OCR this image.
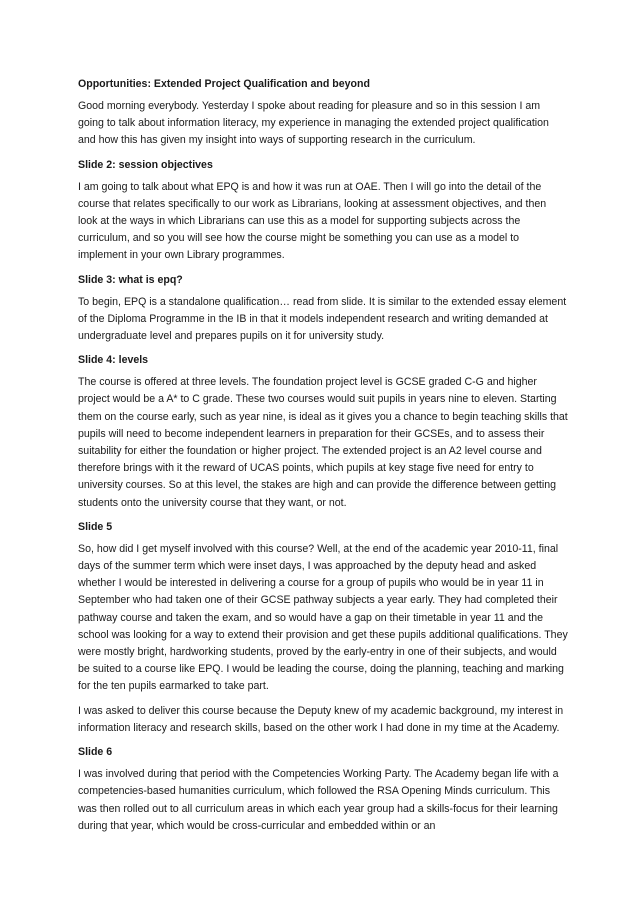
Opportunities: Extended Project Qualification and beyond

Good morning everybody. Yesterday I spoke about reading for pleasure and so in this session I am going to talk about information literacy, my experience in managing the extended project qualification and how this has given my insight into ways of supporting research in the curriculum.

Slide 2: session objectives

I am going to talk about what EPQ is and how it was run at OAE. Then I will go into the detail of the course that relates specifically to our work as Librarians, looking at assessment objectives, and then look at the ways in which Librarians can use this as a model for supporting subjects across the curriculum, and so you will see how the course might be something you can use as a model to implement in your own Library programmes.

Slide 3: what is epq?

To begin, EPQ is a standalone qualification… read from slide. It is similar to the extended essay element of the Diploma Programme in the IB in that it models independent research and writing demanded at undergraduate level and prepares pupils on it for university study.

Slide 4: levels

The course is offered at three levels. The foundation project level is GCSE graded C-G and higher project would be a A* to C grade. These two courses would suit pupils in years nine to eleven. Starting them on the course early, such as year nine, is ideal as it gives you a chance to begin teaching skills that pupils will need to become independent learners in preparation for their GCSEs, and to assess their suitability for either the foundation or higher project. The extended project is an A2 level course and therefore brings with it the reward of UCAS points, which pupils at key stage five need for entry to university courses. So at this level, the stakes are high and can provide the difference between getting students onto the university course that they want, or not.

Slide 5

So, how did I get myself involved with this course? Well, at the end of the academic year 2010-11, final days of the summer term which were inset days, I was approached by the deputy head and asked whether I would be interested in delivering a course for a group of pupils who would be in year 11 in September who had taken one of their GCSE pathway subjects a year early. They had completed their pathway course and taken the exam, and so would have a gap on their timetable in year 11 and the school was looking for a way to extend their provision and get these pupils additional qualifications. They were mostly bright, hardworking students, proved by the early-entry in one of their subjects, and would be suited to a course like EPQ. I would be leading the course, doing the planning, teaching and marking for the ten pupils earmarked to take part.

I was asked to deliver this course because the Deputy knew of my academic background, my interest in information literacy and research skills, based on the other work I had done in my time at the Academy.

Slide 6

I was involved during that period with the Competencies Working Party. The Academy began life with a competencies-based humanities curriculum, which followed the RSA Opening Minds curriculum. This was then rolled out to all curriculum areas in which each year group had a skills-focus for their learning during that year, which would be cross-curricular and embedded within or an
